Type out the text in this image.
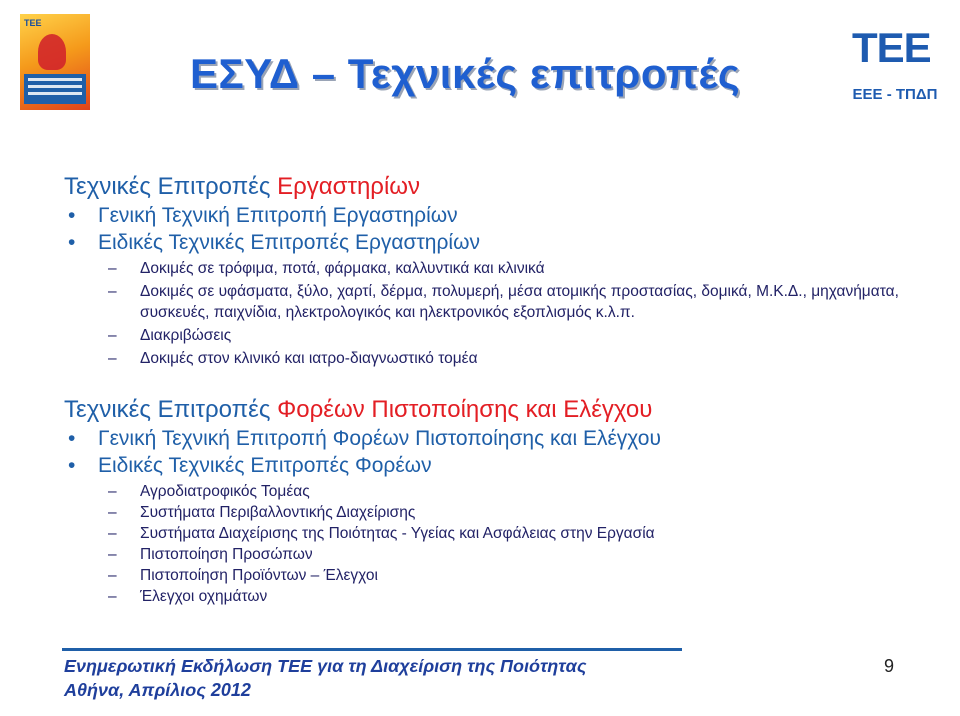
ΤΕΕ
ΕΣΥΔ – Τεχνικές επιτροπές
ΤΕΕ
ΕΕΕ - ΤΠΔΠ
Τεχνικές Επιτροπές Εργαστηρίων
• Γενική Τεχνική Επιτροπή Εργαστηρίων
• Ειδικές Τεχνικές Επιτροπές Εργαστηρίων
– Δοκιμές σε τρόφιμα, ποτά, φάρμακα, καλλυντικά και κλινικά
– Δοκιμές σε υφάσματα, ξύλο, χαρτί, δέρμα, πολυμερή, μέσα ατομικής προστασίας, δομικά, Μ.Κ.Δ., μηχανήματα, συσκευές, παιχνίδια, ηλεκτρολογικός και ηλεκτρονικός εξοπλισμός κ.λ.π.
– Διακριβώσεις
– Δοκιμές στον κλινικό και ιατρο-διαγνωστικό τομέα
Τεχνικές Επιτροπές Φορέων Πιστοποίησης και Ελέγχου
• Γενική Τεχνική Επιτροπή Φορέων Πιστοποίησης και Ελέγχου
• Ειδικές Τεχνικές Επιτροπές Φορέων
– Αγροδιατροφικός Τομέας
– Συστήματα Περιβαλλοντικής Διαχείρισης
– Συστήματα Διαχείρισης της Ποιότητας - Υγείας και Ασφάλειας στην Εργασία
– Πιστοποίηση Προσώπων
– Πιστοποίηση Προϊόντων – Έλεγχοι
– Έλεγχοι οχημάτων
Ενημερωτική Εκδήλωση ΤΕΕ για τη Διαχείριση της Ποιότητας
Αθήνα, Απρίλιος 2012
9
